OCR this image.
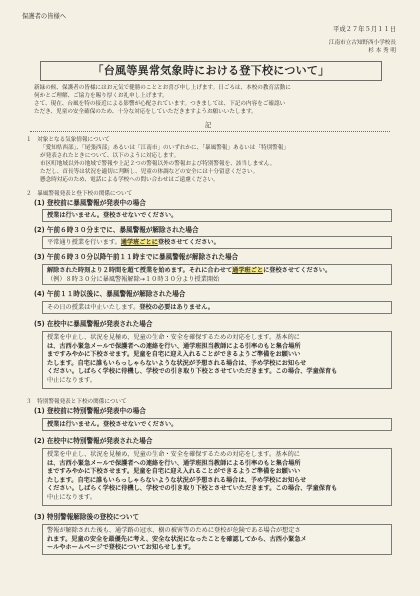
保護者の皆様へ
平成２７年５月１１日
江南市立古知野西小学校長
杉 本 秀 明
「台風等異常気象時における登下校について」
新緑の候、保護者の皆様にはお元気で健勝のこととお喜び申し上げます。日ごろは、本校の教育活動に
何かとご理解、ご協力を賜り厚くお礼申し上げます。
さて、現在、台風を特の接近による影響が心配されています。つきましては、下記の内容をご確認い
ただき、児童の安全確保のため、十分な対応をしていただきますようお願いいたします。
記
１　対象となる気象情報について
「愛知県西部」、「尾張西部」あるいは「江南市」のいずれかに、「暴風警報」あるいは「特別警報」
が発表されたときについて、以下のように対応します。
市区町地域以外の地域で警報や上記２つの警報以外の警報および特別警報を、該当しません。
ただし、首長等は状況を適切に判断し、児童の体調などの安全には十分留意ください。
懸念時対応のため、電話による学校への問い合わせはご遠慮ください。
２　暴風警報発表と登下校の関係について
(1) 登校前に暴風警報が発表中の場合
授業は行いません。登校させないでください。
(2) 午前６時３０分までに、暴風警報が解除された場合
平常通り授業を行います。通学班ごとに登校させてください。
(3) 午前６時３０分以降午前１１時までに暴風警報が解除された場合
解除された時刻より２時間を超て授業を始めます。それに合わせて通学班ごとに登校させてください。
（例）８時３０分に暴風警報解除→１０時３０分より授業開始
(4) 午前１１時以後に、暴風警報が解除された場合
その日の授業は中止いたします。登校の必要はありません。
(5) 在校中に暴風警報が発表された場合
授業を中止し、状況を見極め、児童の生命・安全を確保するための対応をします。基本的に
は、古西小緊急メールで保護者への連絡を行い、通学班担当教師による引率のもと集合場所
まですみやかに下校させます。児童を自宅に迎え入れることができるようご準備をお願いい
たします。自宅に誰もいらっしゃらないような状況が予想される場合は、予め学校にお知らせ
ください。しばらく学校に待機し、学校での引き取り下校とさせていただきます。この場合、学童保育も
中止になります。
３　特別警報発表と下校の関係について
(1) 登校前に特別警報が発表中の場合
授業は行いません。登校させないでください。
(2) 在校中に特別警報が発表された場合
授業を中止し、状況を見極め、児童の生命・安全を確保するための対応をします。基本的に
は、古西小緊急メールで保護者への連絡を行い、通学班担当教師による引率のもと集合場所
まですみやかに下校させます。児童を自宅に迎え入れることができるようご準備をお願いい
たします。自宅に誰もいらっしゃらないような状況が予想される場合は、予め学校にお知らせ
ください。しばらく学校に待機し、学校での引き取り下校とさせていただきます。この場合、学童保育も
中止になります。
(3) 特別警報解除後の登校について
警報が解除された後も、通学路の冠水、樹の被害等のために登校が危険である場合が想定さ
れます。児童の安全を最優先に考え、安全な状況になったことを確認してから、古西小緊急メ
ールやホームページで登校についてお知らせします。
